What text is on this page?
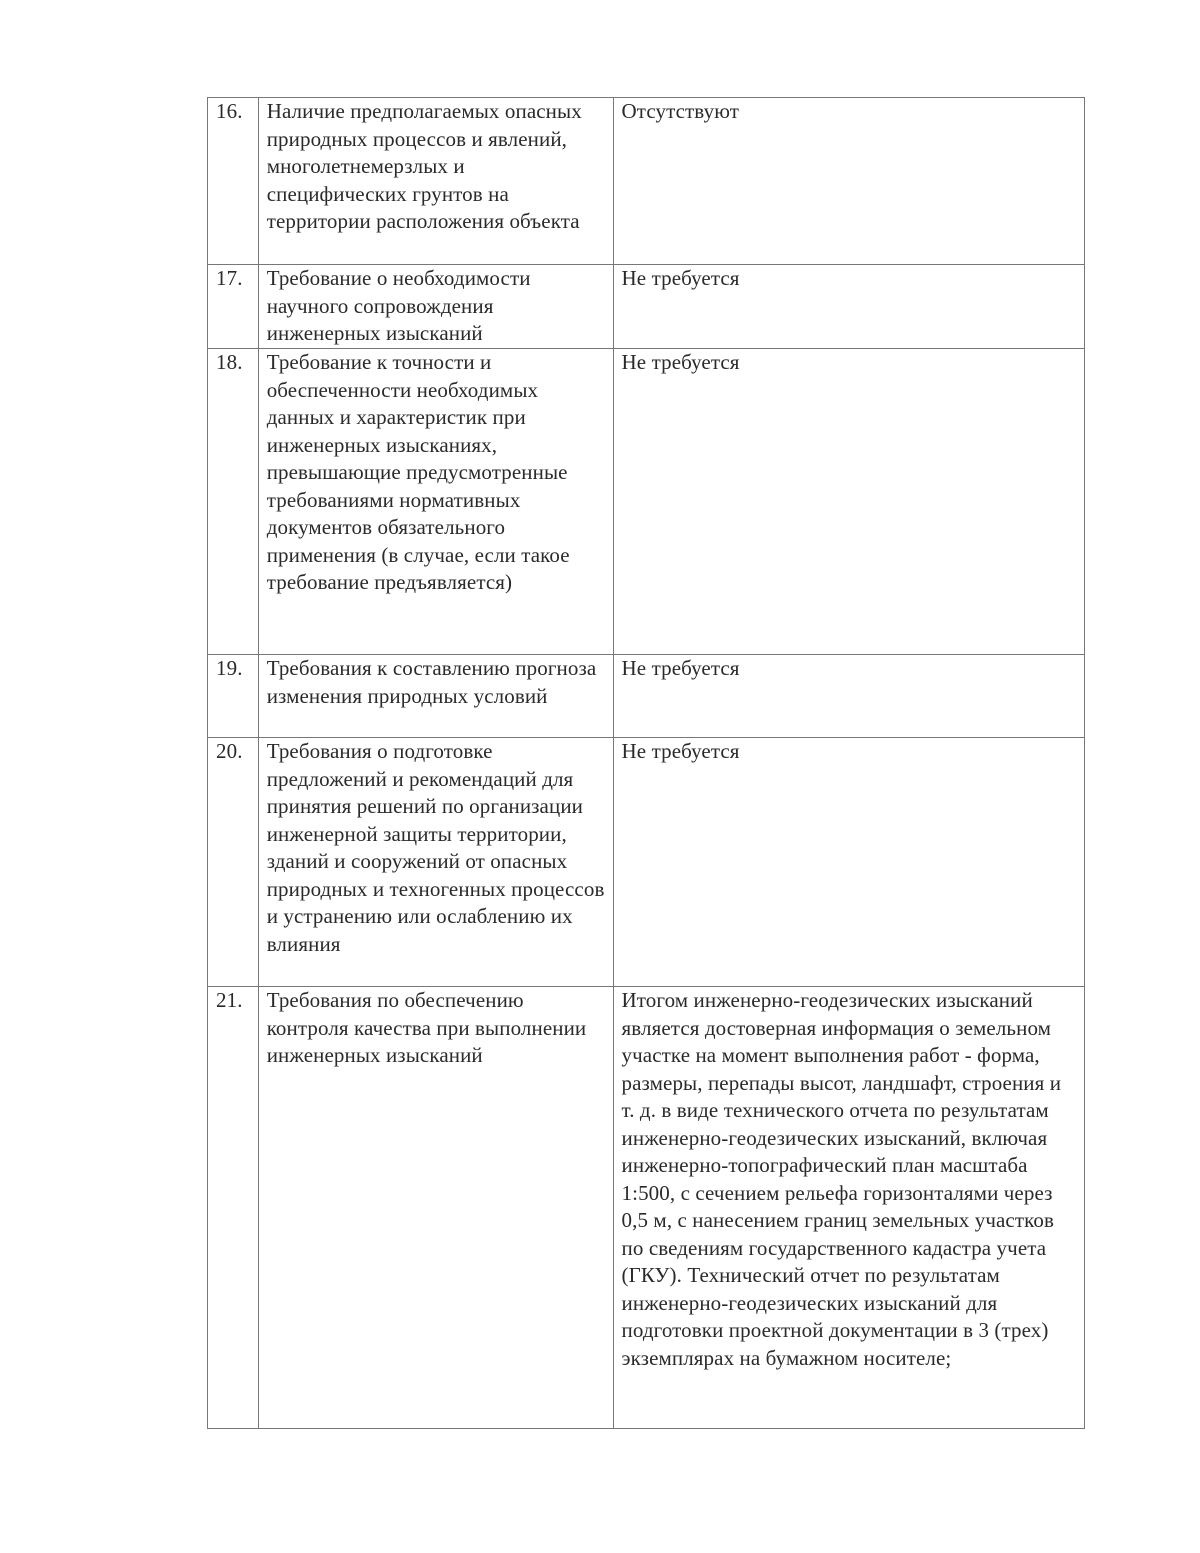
16.	Наличие предполагаемых опасных природных процессов и явлений, многолетнемерзлых и специфических грунтов на территории расположения объекта	Отсутствуют

17.	Требование о необходимости научного сопровождения инженерных изысканий	Не требуется

18.	Требование к точности и обеспеченности необходимых данных и характеристик при инженерных изысканиях, превышающие предусмотренные требованиями нормативных документов обязательного применения (в случае, если такое требование предъявляется)	Не требуется

19.	Требования к составлению прогноза изменения природных условий	Не требуется

20.	Требования о подготовке предложений и рекомендаций для принятия решений по организации инженерной защиты территории, зданий и сооружений от опасных природных и техногенных процессов и устранению или ослаблению их влияния	Не требуется

21.	Требования по обеспечению контроля качества при выполнении инженерных изысканий	Итогом инженерно-геодезических изысканий является достоверная информация о земельном участке на момент выполнения работ - форма, размеры, перепады высот, ландшафт, строения и т. д. в виде технического отчета по результатам инженерно-геодезических изысканий, включая инженерно-топографический план масштаба 1:500, с сечением рельефа горизонталями через 0,5 м, с нанесением границ земельных участков по сведениям государственного кадастра учета (ГКУ). Технический отчет по результатам инженерно-геодезических изысканий для подготовки проектной документации в 3 (трех) экземплярах на бумажном носителе;
